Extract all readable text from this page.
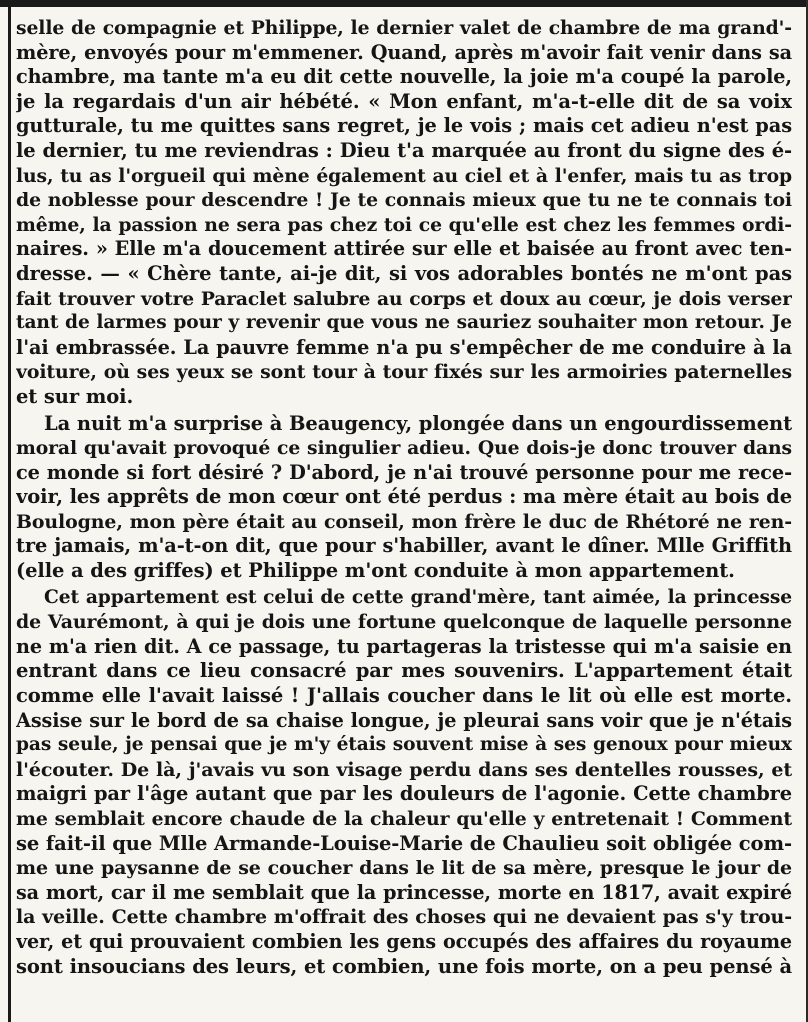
selle de compagnie et Philippe, le dernier valet de chambre de ma grand'-
mère, envoyés pour m'emmener. Quand, après m'avoir fait venir dans sa
chambre, ma tante m'a eu dit cette nouvelle, la joie m'a coupé la parole,
je la regardais d'un air hébété. « Mon enfant, m'a-t-elle dit de sa voix
gutturale, tu me quittes sans regret, je le vois ; mais cet adieu n'est pas
le dernier, tu me reviendras : Dieu t'a marquée au front du signe des é-
lus, tu as l'orgueil qui mène également au ciel et à l'enfer, mais tu as trop
de noblesse pour descendre ! Je te connais mieux que tu ne te connais toi
même, la passion ne sera pas chez toi ce qu'elle est chez les femmes ordi-
naires. » Elle m'a doucement attirée sur elle et baisée au front avec ten-
dresse. — « Chère tante, ai-je dit, si vos adorables bontés ne m'ont pas
fait trouver votre Paraclet salubre au corps et doux au cœur, je dois verser
tant de larmes pour y revenir que vous ne sauriez souhaiter mon retour. Je
l'ai embrassée. La pauvre femme n'a pu s'empêcher de me conduire à la
voiture, où ses yeux se sont tour à tour fixés sur les armoiries paternelles
et sur moi.
La nuit m'a surprise à Beaugency, plongée dans un engourdissement
moral qu'avait provoqué ce singulier adieu. Que dois-je donc trouver dans
ce monde si fort désiré ? D'abord, je n'ai trouvé personne pour me rece-
voir, les apprêts de mon cœur ont été perdus : ma mère était au bois de
Boulogne, mon père était au conseil, mon frère le duc de Rhétoré ne ren-
tre jamais, m'a-t-on dit, que pour s'habiller, avant le dîner. Mlle Griffith
(elle a des griffes) et Philippe m'ont conduite à mon appartement.
Cet appartement est celui de cette grand'mère, tant aimée, la princesse
de Vaurémont, à qui je dois une fortune quelconque de laquelle personne
ne m'a rien dit. A ce passage, tu partageras la tristesse qui m'a saisie en
entrant dans ce lieu consacré par mes souvenirs. L'appartement était
comme elle l'avait laissé ! J'allais coucher dans le lit où elle est morte.
Assise sur le bord de sa chaise longue, je pleurai sans voir que je n'étais
pas seule, je pensai que je m'y étais souvent mise à ses genoux pour mieux
l'écouter. De là, j'avais vu son visage perdu dans ses dentelles rousses, et
maigri par l'âge autant que par les douleurs de l'agonie. Cette chambre
me semblait encore chaude de la chaleur qu'elle y entretenait ! Comment
se fait-il que Mlle Armande-Louise-Marie de Chaulieu soit obligée com-
me une paysanne de se coucher dans le lit de sa mère, presque le jour de
sa mort, car il me semblait que la princesse, morte en 1817, avait expiré
la veille. Cette chambre m'offrait des choses qui ne devaient pas s'y trou-
ver, et qui prouvaient combien les gens occupés des affaires du royaume
sont insoucians des leurs, et combien, une fois morte, on a peu pensé à
